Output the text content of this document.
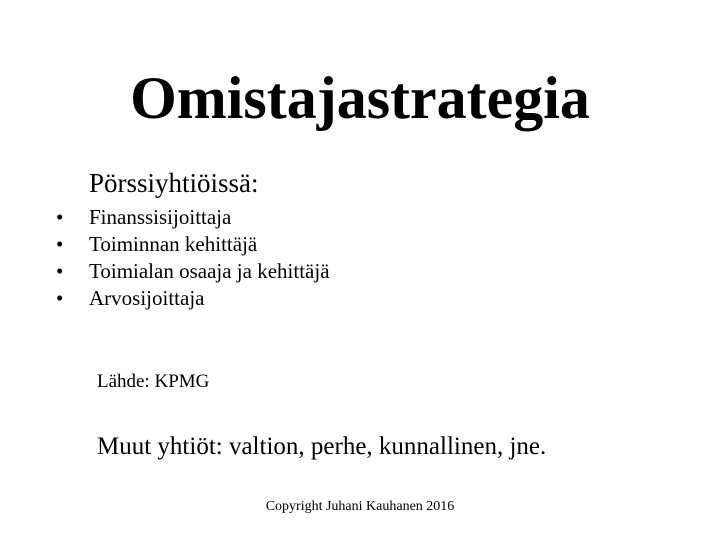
Omistajastrategia
Pörssiyhtiöissä:
• Finanssisijoittaja
• Toiminnan kehittäjä
• Toimialan osaaja ja kehittäjä
• Arvosijoittaja
Lähde: KPMG
Muut yhtiöt: valtion, perhe, kunnallinen, jne.
Copyright Juhani Kauhanen 2016
